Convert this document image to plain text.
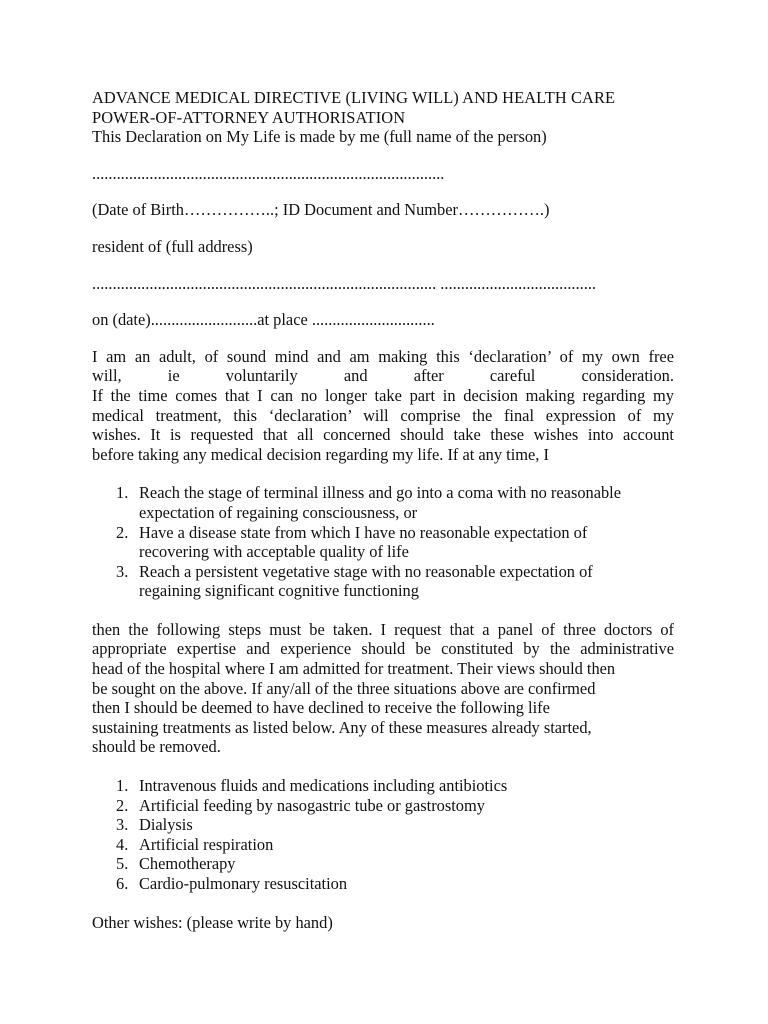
ADVANCE MEDICAL DIRECTIVE (LIVING WILL) AND HEALTH CARE
POWER-OF-ATTORNEY AUTHORISATION
This Declaration on My Life is made by me (full name of the person)
......................................................................................
(Date of Birth……………..; ID Document and Number…………….)
resident of (full address)
.................................................................................... ......................................
on (date)..........................at place ..............................
I am an adult, of sound mind and am making this ‘declaration’ of my own free
will,	ie	voluntarily	and	after	careful	consideration.
If the time comes that I can no longer take part in decision making regarding my
medical treatment, this ‘declaration’ will comprise the final expression of my
wishes. It is requested that all concerned should take these wishes into account
before taking any medical decision regarding my life. If at any time, I
1. Reach the stage of terminal illness and go into a coma with no reasonable
expectation of regaining consciousness, or
2. Have a disease state from which I have no reasonable expectation of
recovering with acceptable quality of life
3. Reach a persistent vegetative stage with no reasonable expectation of
regaining significant cognitive functioning
then the following steps must be taken. I request that a panel of three doctors of
appropriate expertise and experience should be constituted by the administrative
head of the hospital where I am admitted for treatment. Their views should then
be sought on the above. If any/all of the three situations above are confirmed
then I should be deemed to have declined to receive the following life
sustaining treatments as listed below. Any of these measures already started,
should be removed.
1. Intravenous fluids and medications including antibiotics
2. Artificial feeding by nasogastric tube or gastrostomy
3. Dialysis
4. Artificial respiration
5. Chemotherapy
6. Cardio-pulmonary resuscitation
Other wishes: (please write by hand)
